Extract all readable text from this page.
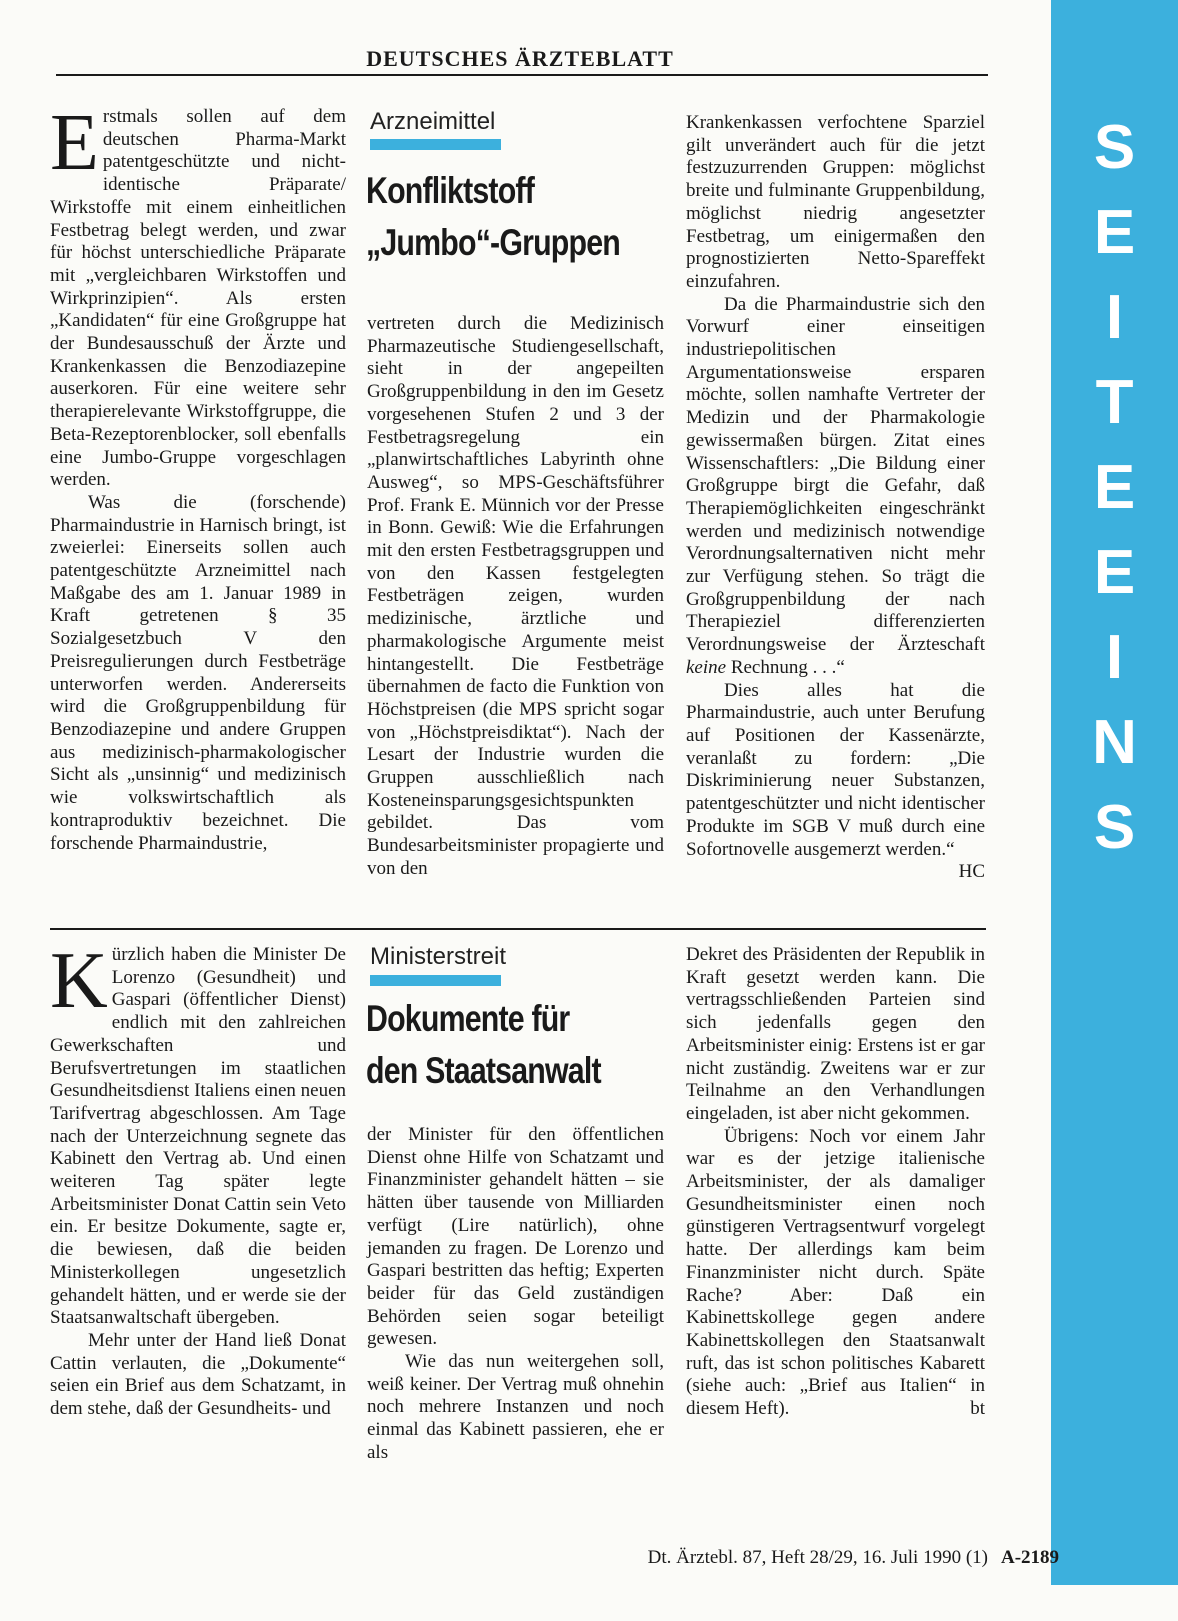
DEUTSCHES ÄRZTEBLATT
S
E
I
T
E
E
I
N
S

Erstmals sollen auf dem deutschen Pharma-Markt patentgeschützte und nicht-identische Präparate/ Wirkstoffe mit einem einheitlichen Festbetrag belegt werden, und zwar für höchst unterschiedliche Präparate mit „vergleichbaren Wirkstoffen und Wirkprinzipien“. Als ersten „Kandidaten“ für eine Großgruppe hat der Bundesausschuß der Ärzte und Krankenkassen die Benzodiazepine auserkoren. Für eine weitere sehr therapierelevante Wirkstoffgruppe, die Beta-Rezeptorenblocker, soll ebenfalls eine Jumbo-Gruppe vorgeschlagen werden.

Was die (forschende) Pharmaindustrie in Harnisch bringt, ist zweierlei: Einerseits sollen auch patentgeschützte Arzneimittel nach Maßgabe des am 1. Januar 1989 in Kraft getretenen § 35 Sozialgesetzbuch V den Preisregulierungen durch Festbeträge unterworfen werden. Andererseits wird die Großgruppenbildung für Benzodiazepine und andere Gruppen aus medizinisch-pharmakologischer Sicht als „unsinnig“ und medizinisch wie volkswirtschaftlich als kontraproduktiv bezeichnet. Die forschende Pharmaindustrie,

Arzneimittel
Konfliktstoff
„Jumbo“-Gruppen

vertreten durch die Medizinisch Pharmazeutische Studiengesellschaft, sieht in der angepeilten Großgruppenbildung in den im Gesetz vorgesehenen Stufen 2 und 3 der Festbetragsregelung ein „planwirtschaftliches Labyrinth ohne Ausweg“, so MPS-Geschäftsführer Prof. Frank E. Münnich vor der Presse in Bonn. Gewiß: Wie die Erfahrungen mit den ersten Festbetragsgruppen und von den Kassen festgelegten Festbeträgen zeigen, wurden medizinische, ärztliche und pharmakologische Argumente meist hintangestellt. Die Festbeträge übernahmen de facto die Funktion von Höchstpreisen (die MPS spricht sogar von „Höchstpreisdiktat“). Nach der Lesart der Industrie wurden die Gruppen ausschließlich nach Kosteneinsparungsgesichtspunkten gebildet. Das vom Bundesarbeitsminister propagierte und von den

Krankenkassen verfochtene Sparziel gilt unverändert auch für die jetzt festzuzurrenden Gruppen: möglichst breite und fulminante Gruppenbildung, möglichst niedrig angesetzter Festbetrag, um einigermaßen den prognostizierten Netto-Spareffekt einzufahren.

Da die Pharmaindustrie sich den Vorwurf einer einseitigen industriepolitischen Argumentationsweise ersparen möchte, sollen namhafte Vertreter der Medizin und der Pharmakologie gewissermaßen bürgen. Zitat eines Wissenschaftlers: „Die Bildung einer Großgruppe birgt die Gefahr, daß Therapiemöglichkeiten eingeschränkt werden und medizinisch notwendige Verordnungsalternativen nicht mehr zur Verfügung stehen. So trägt die Großgruppenbildung der nach Therapieziel differenzierten Verordnungsweise der Ärzteschaft keine Rechnung . . .“

Dies alles hat die Pharmaindustrie, auch unter Berufung auf Positionen der Kassenärzte, veranlaßt zu fordern: „Die Diskriminierung neuer Substanzen, patentgeschützter und nicht identischer Produkte im SGB V muß durch eine Sofortnovelle ausgemerzt werden.“
HC

Kürzlich haben die Minister De Lorenzo (Gesundheit) und Gaspari (öffentlicher Dienst) endlich mit den zahlreichen Gewerkschaften und Berufsvertretungen im staatlichen Gesundheitsdienst Italiens einen neuen Tarifvertrag abgeschlossen. Am Tage nach der Unterzeichnung segnete das Kabinett den Vertrag ab. Und einen weiteren Tag später legte Arbeitsminister Donat Cattin sein Veto ein. Er besitze Dokumente, sagte er, die bewiesen, daß die beiden Ministerkollegen ungesetzlich gehandelt hätten, und er werde sie der Staatsanwaltschaft übergeben.

Mehr unter der Hand ließ Donat Cattin verlauten, die „Dokumente“ seien ein Brief aus dem Schatzamt, in dem stehe, daß der Gesundheits- und

Ministerstreit
Dokumente für
den Staatsanwalt

der Minister für den öffentlichen Dienst ohne Hilfe von Schatzamt und Finanzminister gehandelt hätten – sie hätten über tausende von Milliarden verfügt (Lire natürlich), ohne jemanden zu fragen. De Lorenzo und Gaspari bestritten das heftig; Experten beider für das Geld zuständigen Behörden seien sogar beteiligt gewesen.

Wie das nun weitergehen soll, weiß keiner. Der Vertrag muß ohnehin noch mehrere Instanzen und noch einmal das Kabinett passieren, ehe er als

Dekret des Präsidenten der Republik in Kraft gesetzt werden kann. Die vertragsschließenden Parteien sind sich jedenfalls gegen den Arbeitsminister einig: Erstens ist er gar nicht zuständig. Zweitens war er zur Teilnahme an den Verhandlungen eingeladen, ist aber nicht gekommen.

Übrigens: Noch vor einem Jahr war es der jetzige italienische Arbeitsminister, der als damaliger Gesundheitsminister einen noch günstigeren Vertragsentwurf vorgelegt hatte. Der allerdings kam beim Finanzminister nicht durch. Späte Rache? Aber: Daß ein Kabinettskollege gegen andere Kabinettskollegen den Staatsanwalt ruft, das ist schon politisches Kabarett (siehe auch: „Brief aus Italien“ in diesem Heft).	bt

Dt. Ärztebl. 87, Heft 28/29, 16. Juli 1990 (1) A-2189
